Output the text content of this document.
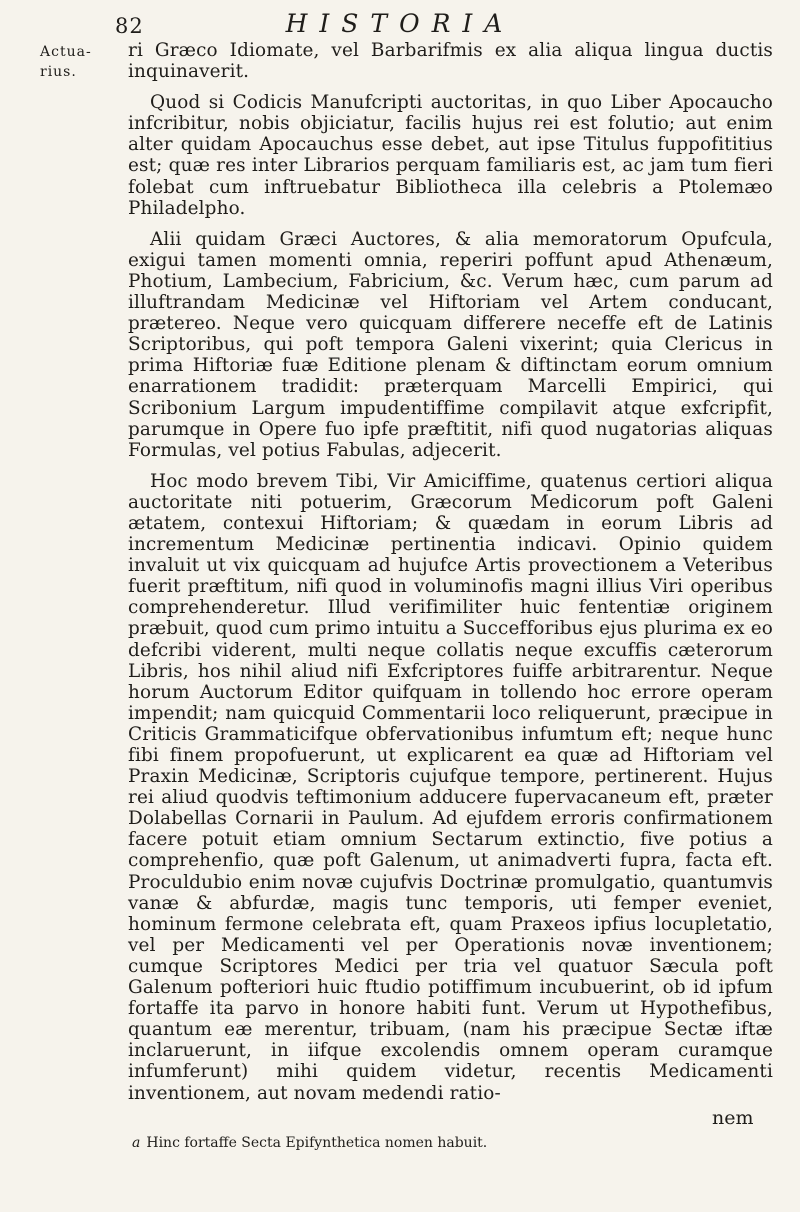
82	HISTORIA
Actua-rius.

ri Græco Idiomate, vel Barbarifmis ex alia aliqua lingua ductis inquinaverit.

Quod si Codicis Manufcripti auctoritas, in quo Liber Apocaucho infcribitur, nobis objiciatur, facilis hujus rei est folutio; aut enim alter quidam Apocauchus esse debet, aut ipse Titulus fuppofititius est; quæ res inter Librarios perquam familiaris est, ac jam tum fieri folebat cum inftruebatur Bibliotheca illa celebris a Ptolemæo Philadelpho.

Alii quidam Græci Auctores, & alia memoratorum Opufcula, exigui tamen momenti omnia, reperiri poffunt apud Athenæum, Photium, Lambecium, Fabricium, &c. Verum hæc, cum parum ad illuftrandam Medicinæ vel Hiftoriam vel Artem conducant, prætereo. Neque vero quicquam differere neceffe eft de Latinis Scriptoribus, qui poft tempora Galeni vixerint; quia Clericus in prima Hiftoriæ fuæ Editione plenam & diftinctam eorum omnium enarrationem tradidit: præterquam Marcelli Empirici, qui Scribonium Largum impudentiffime compilavit atque exfcripfit, parumque in Opere fuo ipfe præftitit, nifi quod nugatorias aliquas Formulas, vel potius Fabulas, adjecerit.

Hoc modo brevem Tibi, Vir Amiciffime, quatenus certiori aliqua auctoritate niti potuerim, Græcorum Medicorum poft Galeni ætatem, contexui Hiftoriam; & quædam in eorum Libris ad incrementum Medicinæ pertinentia indicavi. Opinio quidem invaluit ut vix quicquam ad hujufce Artis provectionem a Veteribus fuerit præftitum, nifi quod in voluminofis magni illius Viri operibus comprehenderetur. Illud verifimiliter huic fententiæ originem præbuit, quod cum primo intuitu a Succefforibus ejus plurima ex eo defcribi viderent, multi neque collatis neque excuffis cæterorum Libris, hos nihil aliud nifi Exfcriptores fuiffe arbitrarentur. Neque horum Auctorum Editor quifquam in tollendo hoc errore operam impendit; nam quicquid Commentarii loco reliquerunt, præcipue in Criticis Grammaticifque obfervationibus infumtum eft; neque hunc fibi finem propofuerunt, ut explicarent ea quæ ad Hiftoriam vel Praxin Medicinæ, Scriptoris cujufque tempore, pertinerent. Hujus rei aliud quodvis teftimonium adducere fupervacaneum eft, præter Dolabellas Cornarii in Paulum. Ad ejufdem erroris confirmationem facere potuit etiam omnium Sectarum extinctio, five potius a comprehenfio, quæ poft Galenum, ut animadverti fupra, facta eft. Proculdubio enim novæ cujufvis Doctrinæ promulgatio, quantumvis vanæ & abfurdæ, magis tunc temporis, uti femper eveniet, hominum fermone celebrata eft, quam Praxeos ipfius locupletatio, vel per Medicamenti vel per Operationis novæ inventionem; cumque Scriptores Medici per tria vel quatuor Sæcula poft Galenum pofteriori huic ftudio potiffimum incubuerint, ob id ipfum fortaffe ita parvo in honore habiti funt. Verum ut Hypothefibus, quantum eæ merentur, tribuam, (nam his præcipue Sectæ iftæ inclaruerunt, in iifque excolendis omnem operam curamque infumferunt) mihi quidem videtur, recentis Medicamenti inventionem, aut novam medendi ratio-

nem
a Hinc fortaffe Secta Epifynthetica nomen habuit.
